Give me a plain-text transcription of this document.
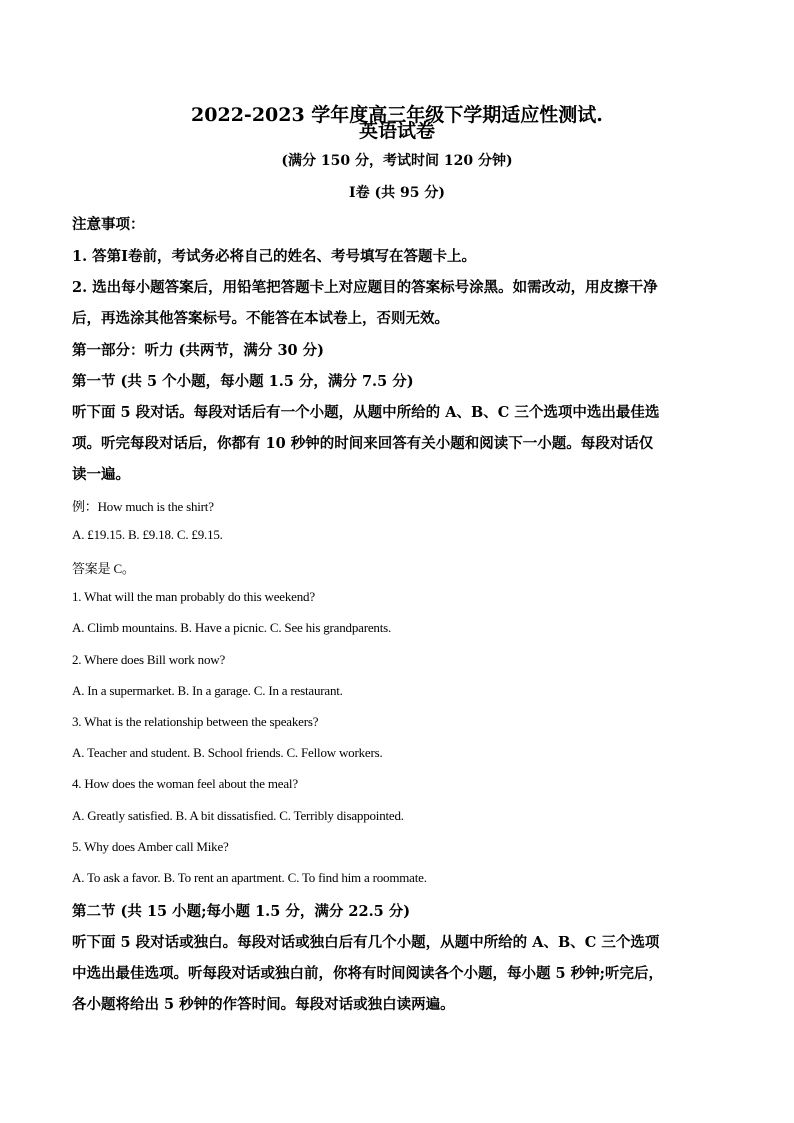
2022-2023 学年度高三年级下学期适应性测试.
英语试卷
(满分 150 分，考试时间 120 分钟)
Ⅰ卷 (共 95 分)
注意事项：
1. 答第Ⅰ卷前，考试务必将自己的姓名、考号填写在答题卡上。
2. 选出每小题答案后，用铅笔把答题卡上对应题目的答案标号涂黑。如需改动，用皮擦干净
后，再选涂其他答案标号。不能答在本试卷上，否则无效。
第一部分：听力 (共两节，满分 30 分)
第一节 (共 5 个小题，每小题 1.5 分，满分 7.5 分)
听下面 5 段对话。每段对话后有一个小题，从题中所给的 A、B、C 三个选项中选出最佳选
项。听完每段对话后，你都有 10 秒钟的时间来回答有关小题和阅读下一小题。每段对话仅
读一遍。
例：How much is the shirt?
A. £19.15. B. £9.18. C. £9.15.
答案是 C。
1. What will the man probably do this weekend?
A. Climb mountains. B. Have a picnic. C. See his grandparents.
2. Where does Bill work now?
A. In a supermarket. B. In a garage. C. In a restaurant.
3. What is the relationship between the speakers?
A. Teacher and student. B. School friends. C. Fellow workers.
4. How does the woman feel about the meal?
A. Greatly satisfied. B. A bit dissatisfied. C. Terribly disappointed.
5. Why does Amber call Mike?
A. To ask a favor. B. To rent an apartment. C. To find him a roommate.
第二节 (共 15 小题;每小题 1.5 分，满分 22.5 分)
听下面 5 段对话或独白。每段对话或独白后有几个小题，从题中所给的 A、B、C 三个选项
中选出最佳选项。听每段对话或独白前，你将有时间阅读各个小题，每小题 5 秒钟;听完后，
各小题将给出 5 秒钟的作答时间。每段对话或独白读两遍。
